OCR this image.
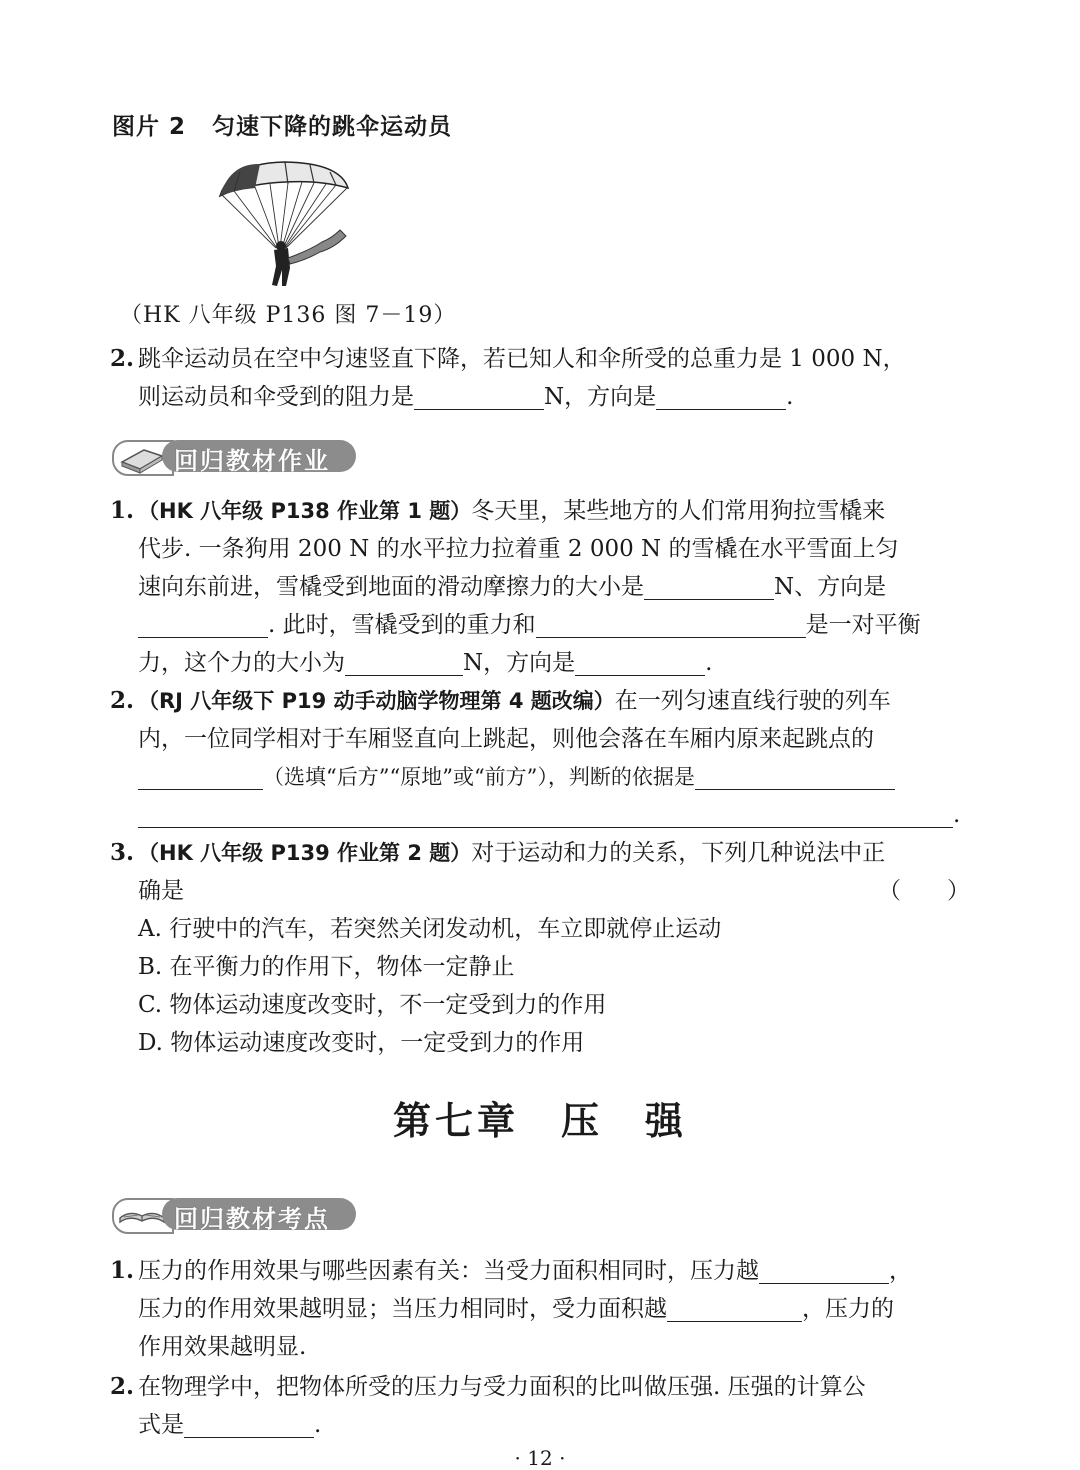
图片 2 匀速下降的跳伞运动员
（HK 八年级 P136 图 7－19）
2. 跳伞运动员在空中匀速竖直下降，若已知人和伞所受的总重力是 1 000 N，
则运动员和伞受到的阻力是	N，方向是	.
回归教材作业
1. （HK 八年级 P138 作业第 1 题）冬天里，某些地方的人们常用狗拉雪橇来
代步. 一条狗用 200 N 的水平拉力拉着重 2 000 N 的雪橇在水平雪面上匀
速向东前进，雪橇受到地面的滑动摩擦力的大小是	N、方向是
. 此时，雪橇受到的重力和	是一对平衡
力，这个力的大小为	N，方向是	.
2. （RJ 八年级下 P19 动手动脑学物理第 4 题改编）在一列匀速直线行驶的列车
内，一位同学相对于车厢竖直向上跳起，则他会落在车厢内原来起跳点的
（选填“后方”“原地”或“前方”），判断的依据是
.
3. （HK 八年级 P139 作业第 2 题）对于运动和力的关系，下列几种说法中正
确是	（　　）
A. 行驶中的汽车，若突然关闭发动机，车立即就停止运动
B. 在平衡力的作用下，物体一定静止
C. 物体运动速度改变时，不一定受到力的作用
D. 物体运动速度改变时，一定受到力的作用
第七章　压　强
回归教材考点
1. 压力的作用效果与哪些因素有关：当受力面积相同时，压力越	，
压力的作用效果越明显；当压力相同时，受力面积越	，压力的
作用效果越明显.
2. 在物理学中，把物体所受的压力与受力面积的比叫做压强. 压强的计算公
式是	.
· 12 ·
